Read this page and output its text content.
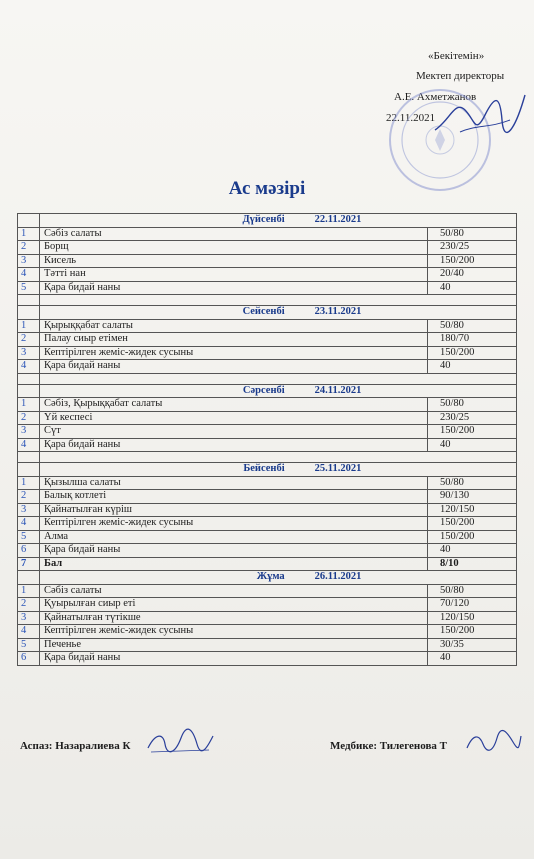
«Бекітемін»
Мектеп директоры
А.Е. Ахметжанов
22.11.2021
Ас мәзірі
	Дүйсенбі 22.11.2021	
1	Сәбіз салаты	50/80
2	Борщ	230/25
3	Кисель	150/200
4	Тәтті нан	20/40
5	Қара бидай наны	40

	Сейсенбі 23.11.2021	
1	Қырыққабат салаты	50/80
2	Палау сиыр етімен	180/70
3	Кептірілген жеміс-жидек сусыны	150/200
4	Қара бидай наны	40

	Сәрсенбі 24.11.2021	
1	Сәбіз, Қырыққабат салаты	50/80
2	Үй кеспесі	230/25
3	Сүт	150/200
4	Қара бидай наны	40

	Бейсенбі 25.11.2021	
1	Қызылша салаты	50/80
2	Балық котлеті	90/130
3	Қайнатылған күріш	120/150
4	Кептірілген жеміс-жидек сусыны	150/200
5	Алма	150/200
6	Қара бидай наны	40
7	Бал	8/10
	Жұма 26.11.2021	
1	Сәбіз салаты	50/80
2	Қуырылған сиыр еті	70/120
3	Қайнатылған түтікше	120/150
4	Кептірілген жеміс-жидек сусыны	150/200
5	Печенье	30/35
6	Қара бидай наны	40
Аспаз: Назаралиева К	Медбике: Тилегенова Т
